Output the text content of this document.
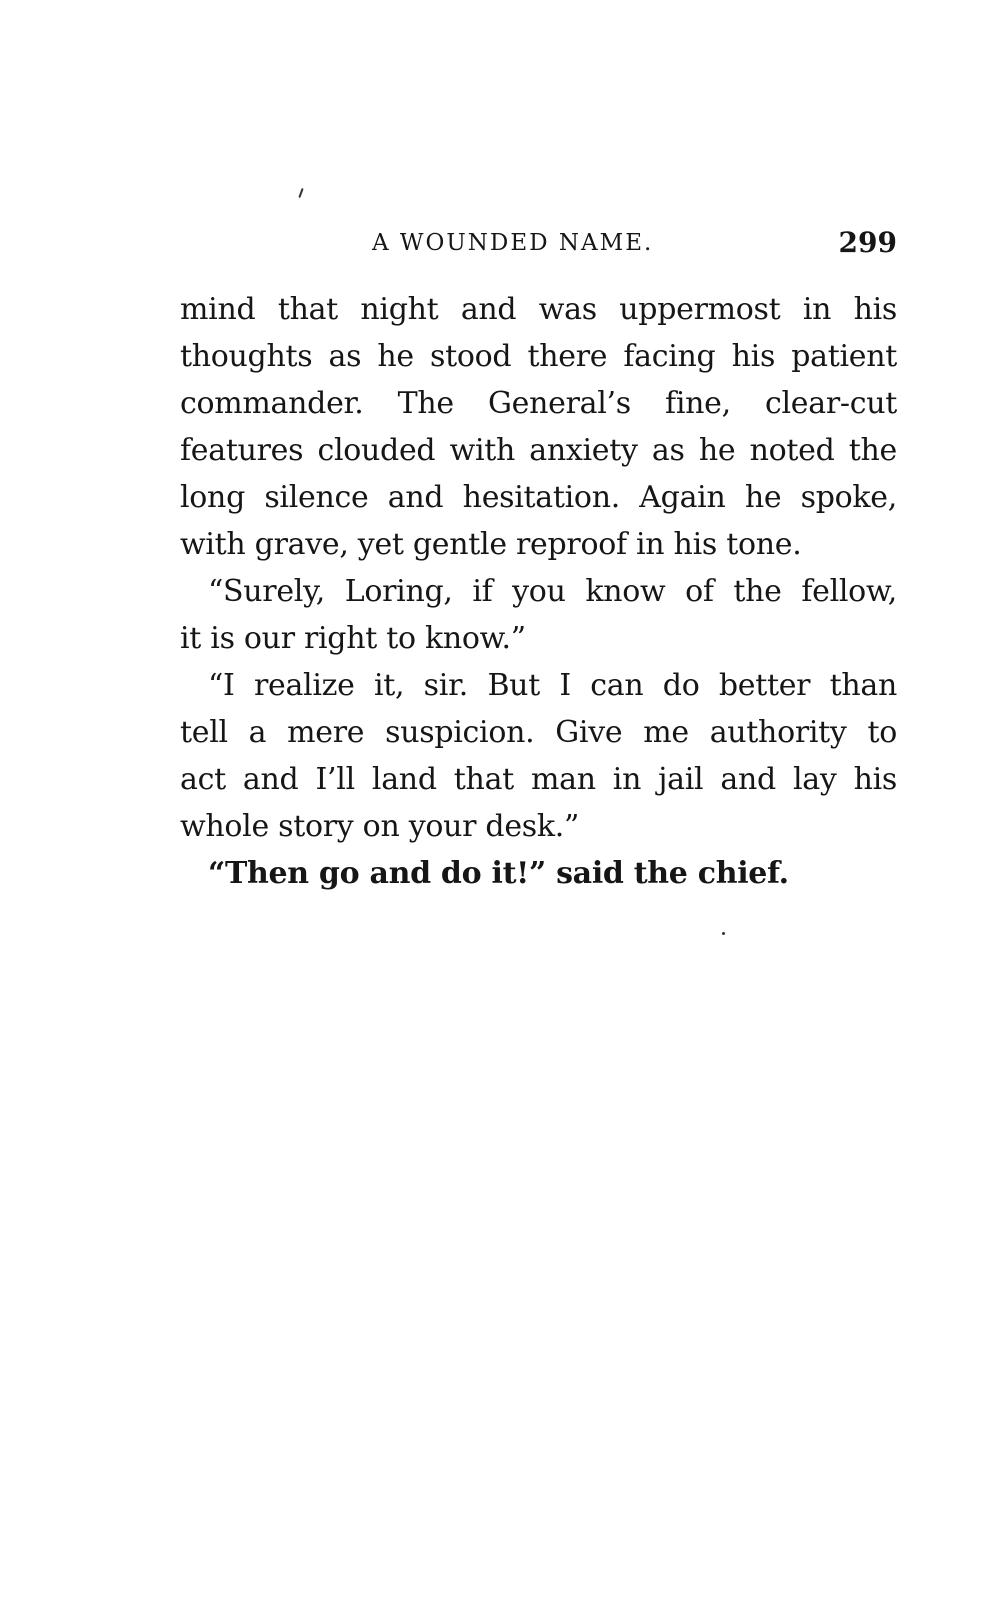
A WOUNDED NAME.	299
mind that night and was uppermost in his
thoughts as he stood there facing his patient
commander. The General’s fine, clear-cut
features clouded with anxiety as he noted the
long silence and hesitation. Again he spoke,
with grave, yet gentle reproof in his tone.
“Surely, Loring, if you know of the fellow,
it is our right to know.”
“I realize it, sir. But I can do better than
tell a mere suspicion. Give me authority to
act and I’ll land that man in jail and lay his
whole story on your desk.”
“Then go and do it!” said the chief.
